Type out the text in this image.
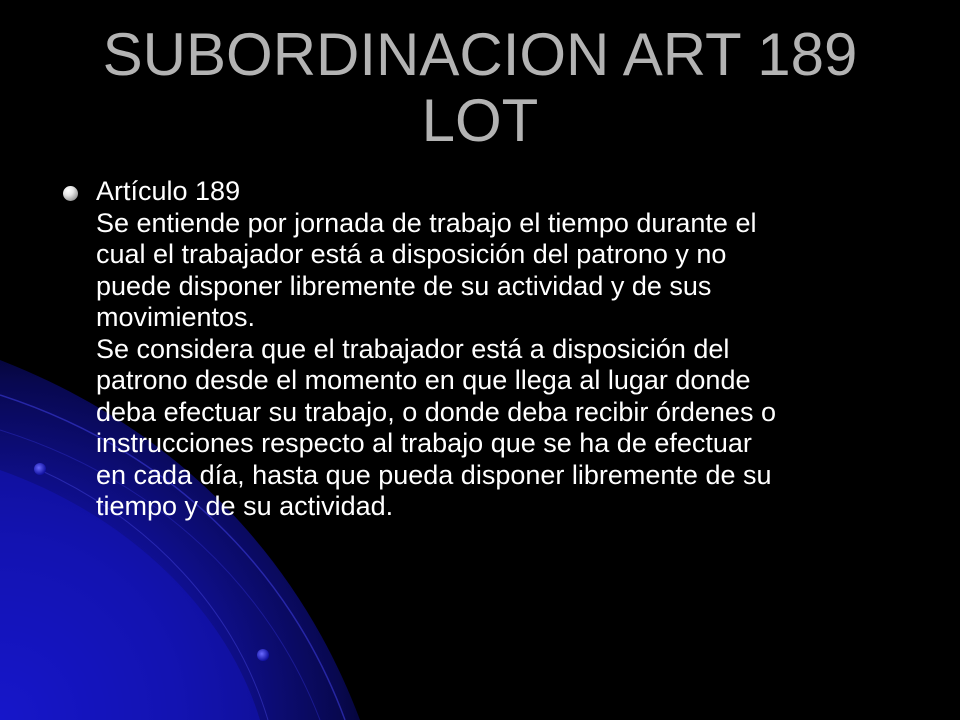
SUBORDINACION ART 189
LOT
Artículo 189
Se entiende por jornada de trabajo el tiempo durante el
cual el trabajador está a disposición del patrono y no
puede disponer libremente de su actividad y de sus
movimientos.
Se considera que el trabajador está a disposición del
patrono desde el momento en que llega al lugar donde
deba efectuar su trabajo, o donde deba recibir órdenes o
instrucciones respecto al trabajo que se ha de efectuar
en cada día, hasta que pueda disponer libremente de su
tiempo y de su actividad.
